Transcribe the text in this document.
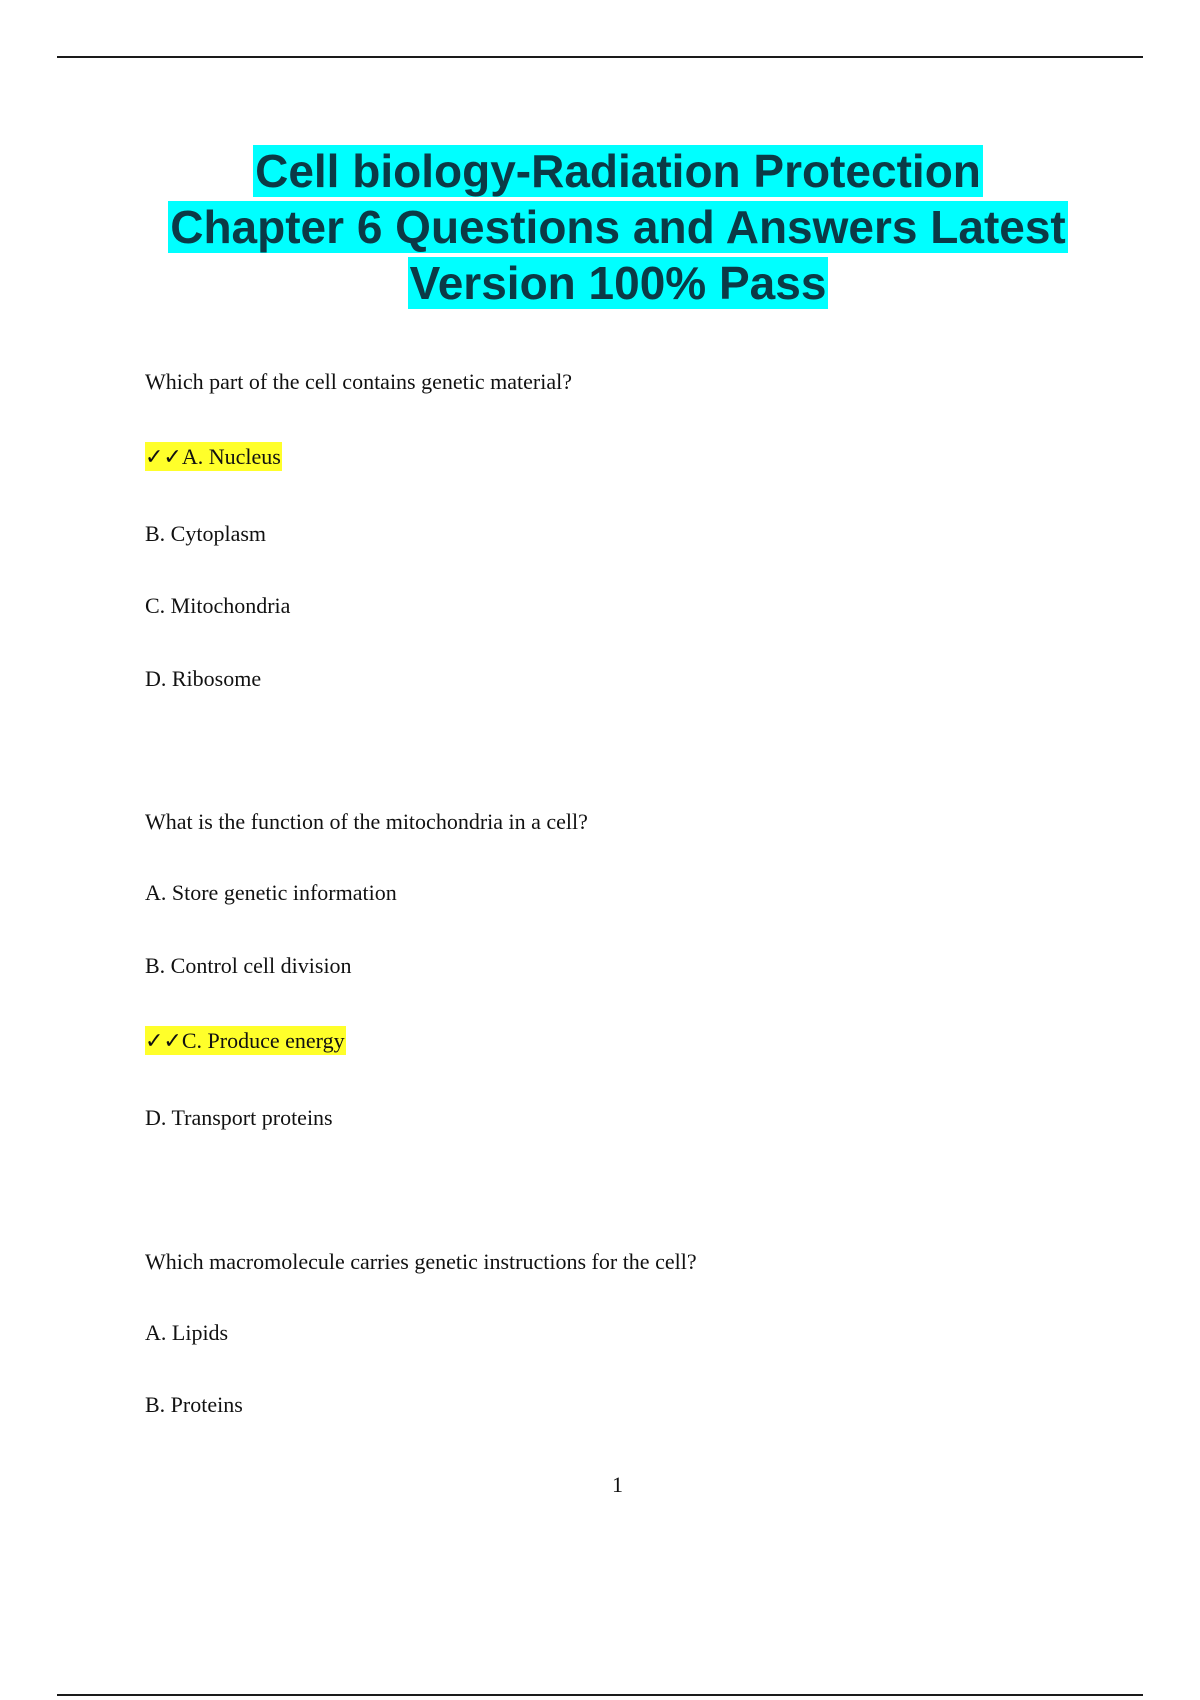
Cell biology-Radiation Protection
Chapter 6 Questions and Answers Latest
Version 100% Pass
Which part of the cell contains genetic material?
✓✓A. Nucleus
B. Cytoplasm
C. Mitochondria
D. Ribosome
What is the function of the mitochondria in a cell?
A. Store genetic information
B. Control cell division
✓✓C. Produce energy
D. Transport proteins
Which macromolecule carries genetic instructions for the cell?
A. Lipids
B. Proteins
1
